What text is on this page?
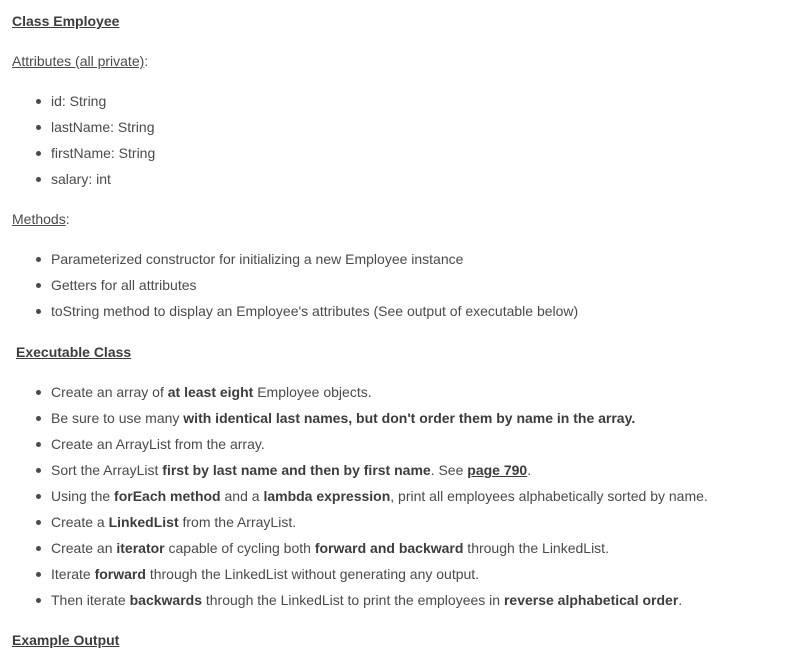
Class Employee
Attributes (all private):
id: String
lastName: String
firstName: String
salary: int
Methods:
Parameterized constructor for initializing a new Employee instance
Getters for all attributes
toString method to display an Employee's attributes (See output of executable below)
Executable Class
Create an array of at least eight Employee objects.
Be sure to use many with identical last names, but don't order them by name in the array.
Create an ArrayList from the array.
Sort the ArrayList first by last name and then by first name. See page 790.
Using the forEach method and a lambda expression, print all employees alphabetically sorted by name.
Create a LinkedList from the ArrayList.
Create an iterator capable of cycling both forward and backward through the LinkedList.
Iterate forward through the LinkedList without generating any output.
Then iterate backwards through the LinkedList to print the employees in reverse alphabetical order.
Example Output
